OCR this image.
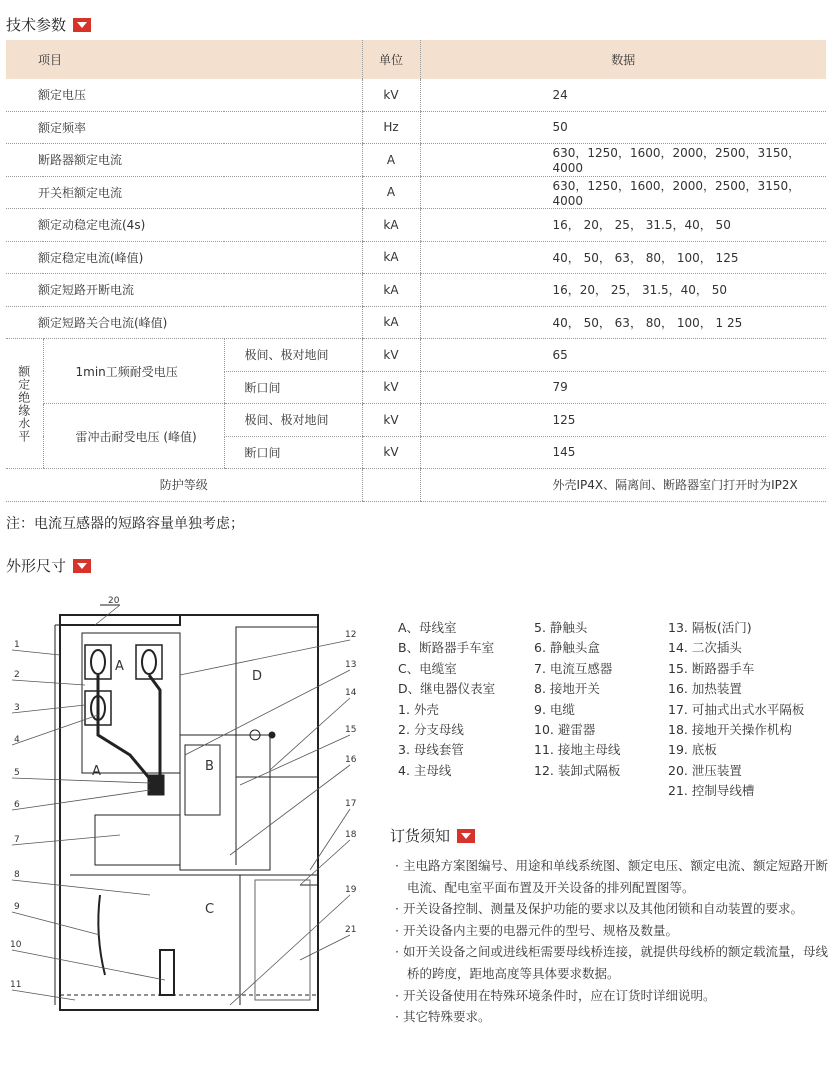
技术参数
项目			单位	数据
额定电压			kV	24
额定频率			Hz	50
断路器额定电流			A	630，1250，1600，2000，2500，3150，4000
开关柜额定电流			A	630，1250，1600，2000，2500，3150，4000
额定动稳定电流(4s)			kA	16， 20， 25， 31.5，40， 50
额定稳定电流(峰值)			kA	40， 50， 63， 80， 100， 125
额定短路开断电流			kA	16，20， 25， 31.5，40， 50
额定短路关合电流(峰值)			kA	40， 50， 63， 80， 100， 1 25
额定绝缘水平	1min工频耐受电压	极间、极对地间	kV	65
		断口间	kV	79
	雷冲击耐受电压 (峰值)	极间、极对地间	kV	125
		断口间	kV	145
防护等级				外壳IP4X、隔离间、断路器室门打开时为IP2X
注：电流互感器的短路容量单独考虑；
外形尺寸
1
2
3
4
5
6
7
8
9
10
11
12
13
14
15
16
17
18
19
20
21
A
A	B
C
D
A、母线室
B、断路器手车室
C、电缆室
D、继电器仪表室
1. 外壳
2. 分支母线
3. 母线套管
4. 主母线
5. 静触头
6. 静触头盒
7. 电流互感器
8. 接地开关
9. 电缆
10. 避雷器
11. 接地主母线
12. 装卸式隔板
13. 隔板(活门)
14. 二次插头
15. 断路器手车
16. 加热装置
17. 可抽式出式水平隔板
18. 接地开关操作机构
19. 底板
20. 泄压装置
21. 控制导线槽
订货须知
· 主电路方案图编号、用途和单线系统图、额定电压、额定电流、额定短路开断电流、配电室平面布置及开关设备的排列配置图等。
· 开关设备控制、测量及保护功能的要求以及其他闭锁和自动装置的要求。
· 开关设备内主要的电器元件的型号、规格及数量。
· 如开关设备之间或进线柜需要母线桥连接，就提供母线桥的额定载流量，母线桥的跨度，距地高度等具体要求数据。
· 开关设备使用在特殊环境条件时，应在订货时详细说明。
· 其它特殊要求。
